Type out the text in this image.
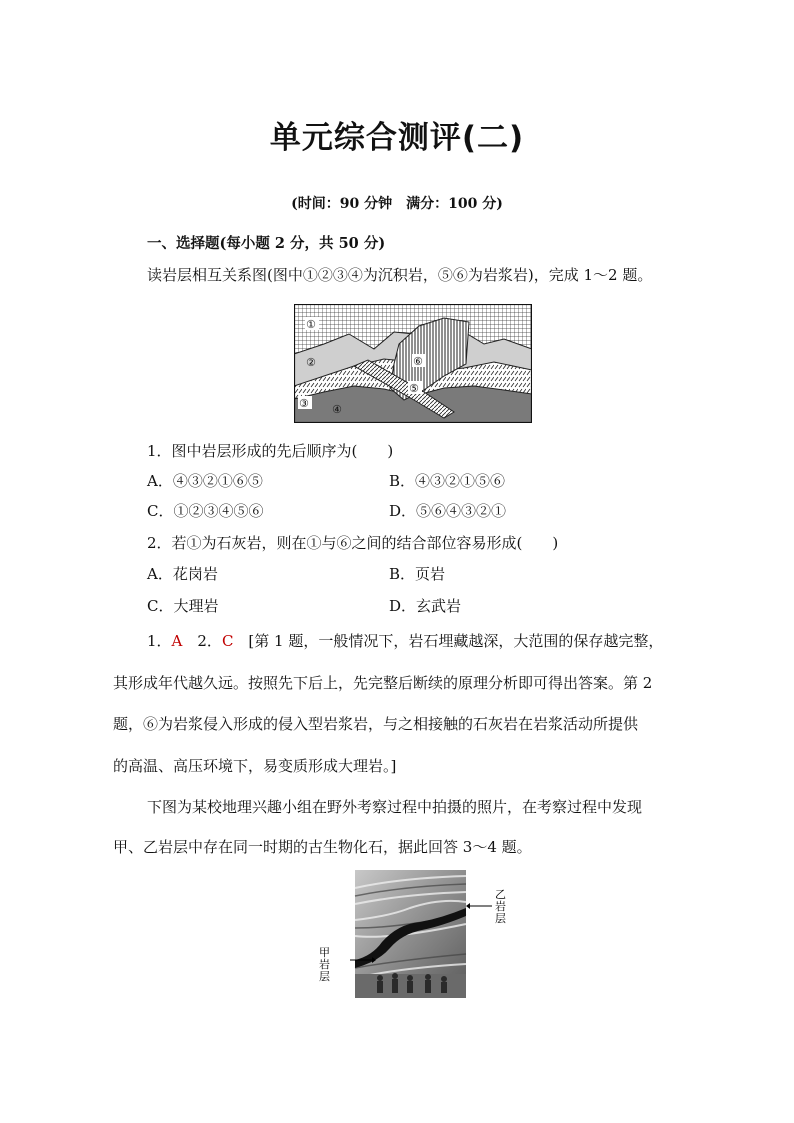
单元综合测评(二)
(时间：90 分钟　满分：100 分)
一、选择题(每小题 2 分，共 50 分)
读岩层相互关系图(图中①②③④为沉积岩，⑤⑥为岩浆岩)，完成 1～2 题。
①
②
③ ④
⑤
⑥
1．图中岩层形成的先后顺序为(　　)
A．④③②①⑥⑤	B．④③②①⑤⑥
C．①②③④⑤⑥	D．⑤⑥④③②①
2．若①为石灰岩，则在①与⑥之间的结合部位容易形成(　　)
A．花岗岩	B．页岩
C．大理岩	D．玄武岩
1．A　2．C　[第 1 题，一般情况下，岩石埋藏越深，大范围的保存越完整，
其形成年代越久远。按照先下后上，先完整后断续的原理分析即可得出答案。第 2
题，⑥为岩浆侵入形成的侵入型岩浆岩，与之相接触的石灰岩在岩浆活动所提供
的高温、高压环境下，易变质形成大理岩。]
下图为某校地理兴趣小组在野外考察过程中拍摄的照片，在考察过程中发现
甲、乙岩层中存在同一时期的古生物化石，据此回答 3～4 题。
甲
岩
层
乙
岩
层
